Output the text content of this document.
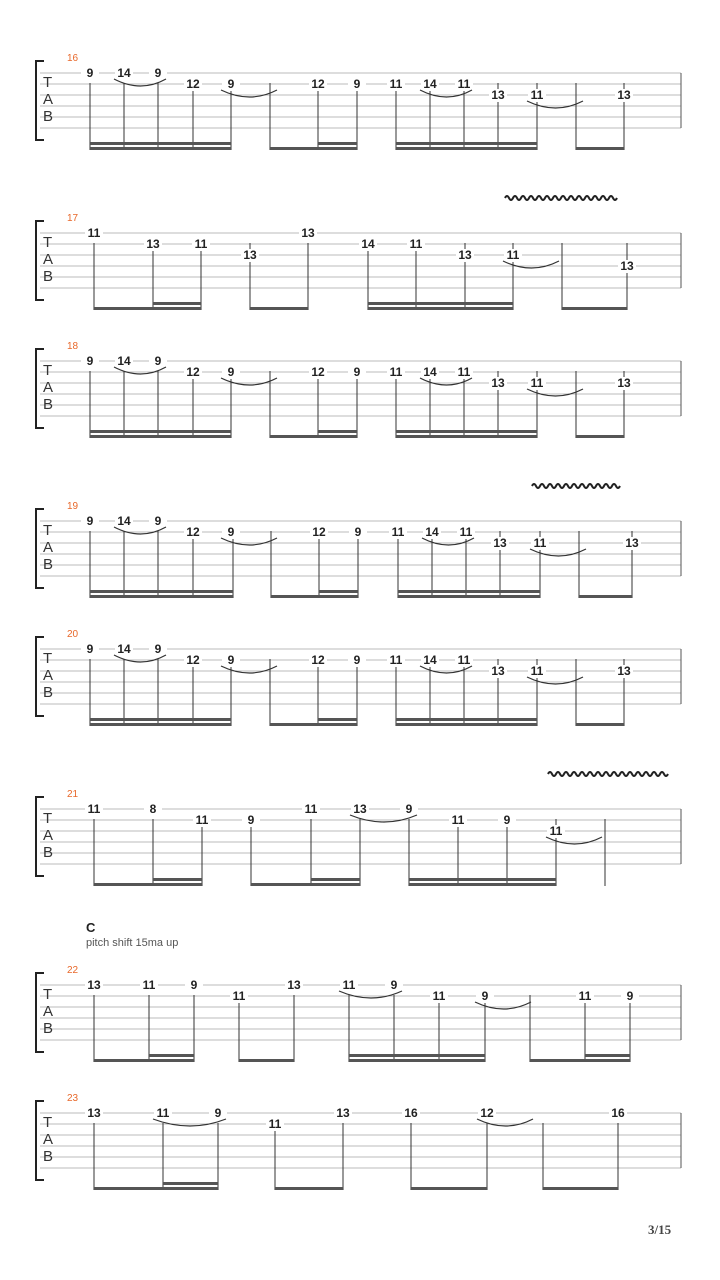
C
pitch shift 15ma up
3/15
T
A
B
16
9 14 9
12 9	12 9 11 14 11
13 11	13
T
A
B
17
11
13	11
13
13
14	11
13	11
13
T
A
B
18
9 14 9
12 9	12 9 11 14 11
13 11	13
T
A
B
19
9 14 9
12 9	12 9	11 14 11
13 11	13
T
A
B
20
9 14 9
12 9	12 9 11 14 11
13 11	13
T
A
B
21
11	8
11	9
11	13	9
11	9
11
T
A
B
22
13	11	9
11
13	11	9
11	9	11	9
T
A
B
23
13	11	9
11
13	16	12	16
